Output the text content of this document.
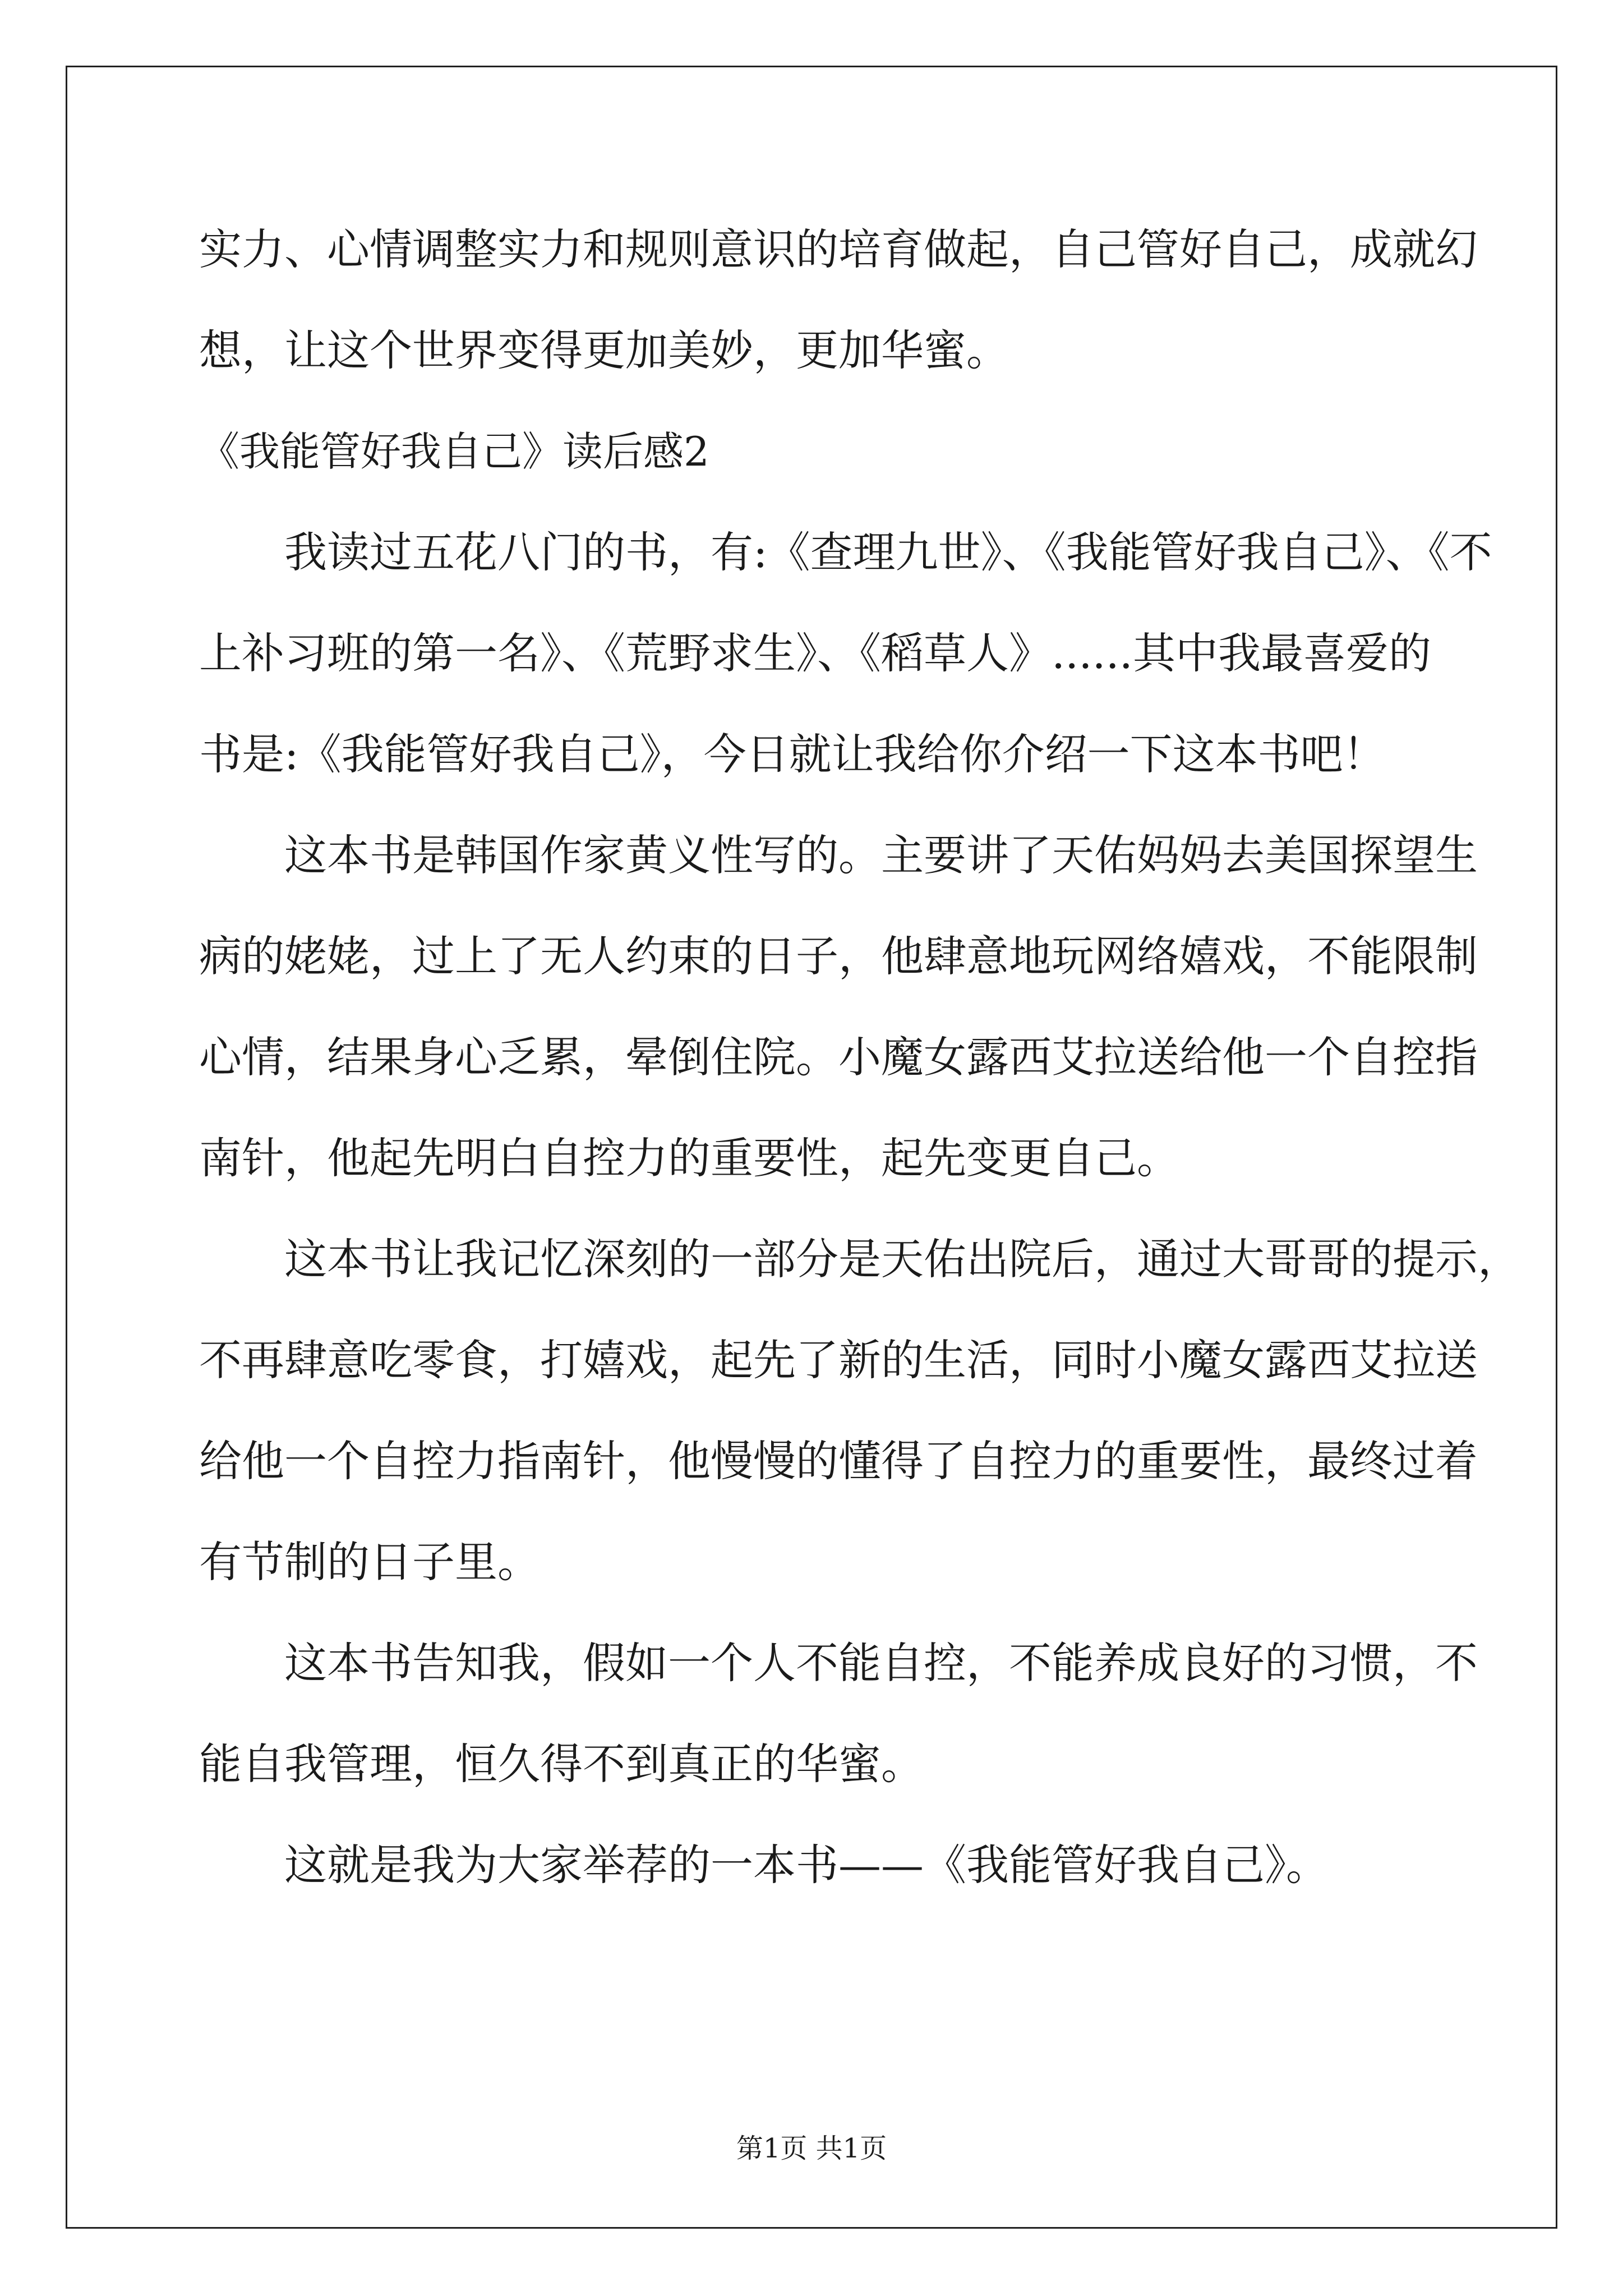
实力、心情调整实力和规则意识的培育做起，自己管好自己，成就幻

想，让这个世界变得更加美妙，更加华蜜。

《我能管好我自己》读后感2

我读过五花八门的书，有:《查理九世》、《我能管好我自己》、《不

上补习班的第一名》、《荒野求生》、《稻草人》......其中我最喜爱的

书是:《我能管好我自己》，今日就让我给你介绍一下这本书吧！

这本书是韩国作家黄义性写的。主要讲了天佑妈妈去美国探望生

病的姥姥，过上了无人约束的日子，他肆意地玩网络嬉戏，不能限制

心情，结果身心乏累，晕倒住院。小魔女露西艾拉送给他一个自控指

南针，他起先明白自控力的重要性，起先变更自己。

这本书让我记忆深刻的一部分是天佑出院后，通过大哥哥的提示，

不再肆意吃零食，打嬉戏，起先了新的生活，同时小魔女露西艾拉送

给他一个自控力指南针，他慢慢的懂得了自控力的重要性，最终过着

有节制的日子里。

这本书告知我，假如一个人不能自控，不能养成良好的习惯，不

能自我管理，恒久得不到真正的华蜜。

这就是我为大家举荐的一本书——《我能管好我自己》。

第1页 共1页
